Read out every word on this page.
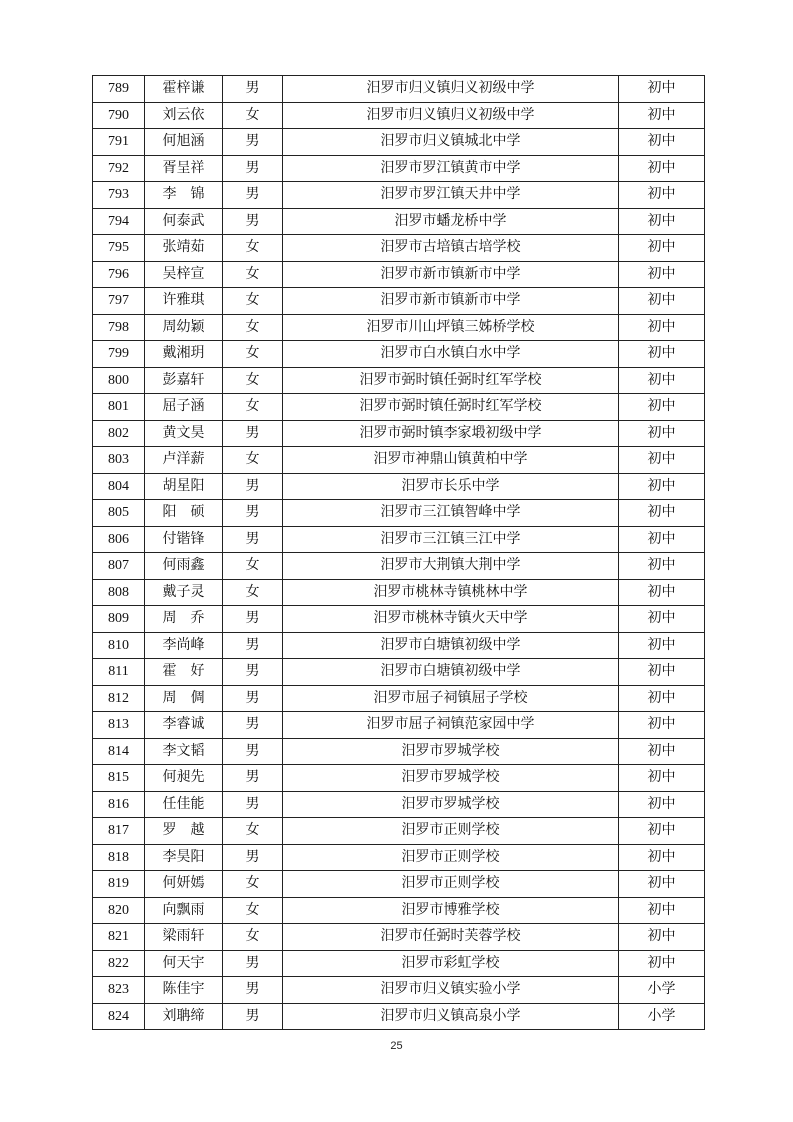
789	霍梓谦	男	汨罗市归义镇归义初级中学	初中
790	刘云依	女	汨罗市归义镇归义初级中学	初中
791	何旭涵	男	汨罗市归义镇城北中学	初中
792	胥呈祥	男	汨罗市罗江镇黄市中学	初中
793	李　锦	男	汨罗市罗江镇天井中学	初中
794	何泰武	男	汨罗市蟠龙桥中学	初中
795	张靖茹	女	汨罗市古培镇古培学校	初中
796	吴梓宣	女	汨罗市新市镇新市中学	初中
797	许雅琪	女	汨罗市新市镇新市中学	初中
798	周幼颖	女	汨罗市川山坪镇三姊桥学校	初中
799	戴湘玥	女	汨罗市白水镇白水中学	初中
800	彭嘉轩	女	汨罗市弼时镇任弼时红军学校	初中
801	屈子涵	女	汨罗市弼时镇任弼时红军学校	初中
802	黄文昊	男	汨罗市弼时镇李家塅初级中学	初中
803	卢洋薪	女	汨罗市神鼎山镇黄柏中学	初中
804	胡星阳	男	汨罗市长乐中学	初中
805	阳　硕	男	汨罗市三江镇智峰中学	初中
806	付锴锋	男	汨罗市三江镇三江中学	初中
807	何雨鑫	女	汨罗市大荆镇大荆中学	初中
808	戴子灵	女	汨罗市桃林寺镇桃林中学	初中
809	周　乔	男	汨罗市桃林寺镇火天中学	初中
810	李尚峰	男	汨罗市白塘镇初级中学	初中
811	霍　好	男	汨罗市白塘镇初级中学	初中
812	周　倜	男	汨罗市屈子祠镇屈子学校	初中
813	李睿诚	男	汨罗市屈子祠镇范家园中学	初中
814	李文韬	男	汨罗市罗城学校	初中
815	何昶先	男	汨罗市罗城学校	初中
816	任佳能	男	汨罗市罗城学校	初中
817	罗　越	女	汨罗市正则学校	初中
818	李昊阳	男	汨罗市正则学校	初中
819	何妍嫣	女	汨罗市正则学校	初中
820	向飘雨	女	汨罗市博雅学校	初中
821	梁雨轩	女	汨罗市任弼时芙蓉学校	初中
822	何天宇	男	汨罗市彩虹学校	初中
823	陈佳宇	男	汨罗市归义镇实验小学	小学
824	刘聃缔	男	汨罗市归义镇高泉小学	小学
25
